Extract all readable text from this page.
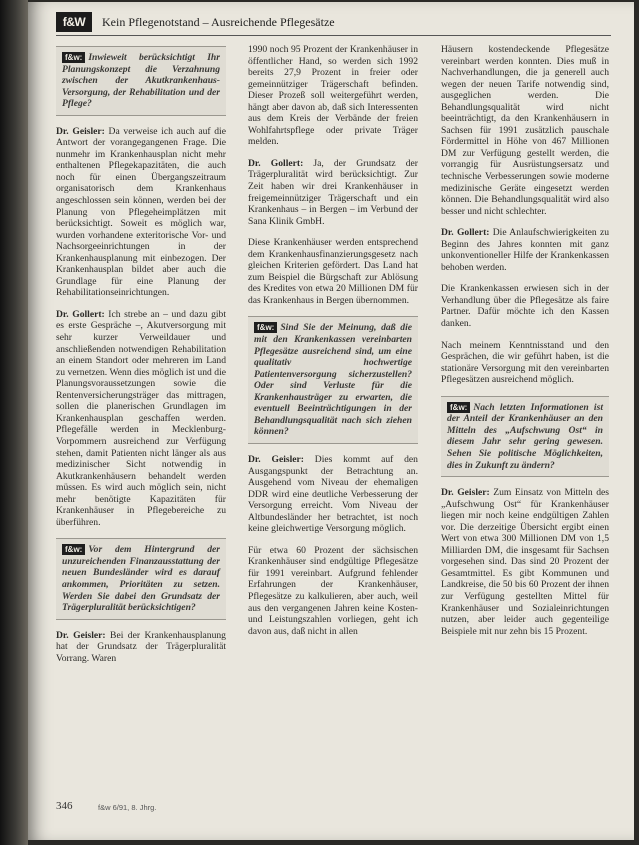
f&W	Kein Pflegenotstand – Ausreichende Pflegesätze
f&w: Inwieweit berücksichtigt Ihr Planungskonzept die Verzahnung zwischen der Akutkrankenhaus-Versorgung, der Rehabilitation und der Pflege?
Dr. Geisler: Da verweise ich auch auf die Antwort der vorangegangenen Frage. Die nunmehr im Krankenhausplan nicht mehr enthaltenen Pflegekapazitäten, die auch noch für einen Übergangszeitraum organisatorisch dem Krankenhaus angeschlossen sein können, werden bei der Planung von Pflegeheimplätzen mit berücksichtigt. Soweit es möglich war, wurden vorhandene exteritorische Vor- und Nachsorgeeinrichtungen in der Krankenhausplanung mit einbezogen. Der Krankenhausplan bildet aber auch die Grundlage für eine Planung der Rehabilitationseinrichtungen.
Dr. Gollert: Ich strebe an – und dazu gibt es erste Gespräche –, Akutversorgung mit sehr kurzer Verweildauer und anschließenden notwendigen Rehabilitation an einem Standort oder mehreren im Land zu vernetzen. Wenn dies möglich ist und die Planungsvoraussetzungen sowie die Rentenversicherungsträger das mittragen, sollen die planerischen Grundlagen im Krankenhausplan geschaffen werden. Pflegefälle werden in Mecklenburg-Vorpommern ausreichend zur Verfügung stehen, damit Patienten nicht länger als aus medizinischer Sicht notwendig in Akutkrankenhäusern behandelt werden müssen. Es wird auch möglich sein, nicht mehr benötigte Kapazitäten für Krankenhäuser in Pflegebereiche zu überführen.
f&w: Vor dem Hintergrund der unzureichenden Finanzausstattung der neuen Bundesländer wird es darauf ankommen, Prioritäten zu setzen. Werden Sie dabei den Grundsatz der Trägerpluralität berücksichtigen?
Dr. Geisler: Bei der Krankenhausplanung hat der Grundsatz der Trägerpluralität Vorrang. Waren
1990 noch 95 Prozent der Krankenhäuser in öffentlicher Hand, so werden sich 1992 bereits 27,9 Prozent in freier oder gemeinnütziger Trägerschaft befinden. Dieser Prozeß soll weitergeführt werden, hängt aber davon ab, daß sich Interessenten aus dem Kreis der Verbände der freien Wohlfahrtspflege oder private Träger melden.
Dr. Gollert: Ja, der Grundsatz der Trägerpluralität wird berücksichtigt. Zur Zeit haben wir drei Krankenhäuser in freigemeinnütziger Trägerschaft und ein Krankenhaus – in Bergen – im Verbund der Sana Klinik GmbH.
Diese Krankenhäuser werden entsprechend dem Krankenhausfinanzierungsgesetz nach gleichen Kriterien gefördert. Das Land hat zum Beispiel die Bürgschaft zur Ablösung des Kredites von etwa 20 Millionen DM für das Krankenhaus in Bergen übernommen.
f&w: Sind Sie der Meinung, daß die mit den Krankenkassen vereinbarten Pflegesätze ausreichend sind, um eine qualitativ hochwertige Patientenversorgung sicherzustellen? Oder sind Verluste für die Krankenhausträger zu erwarten, die eventuell Beeinträchtigungen in der Behandlungsqualität nach sich ziehen können?
Dr. Geisler: Dies kommt auf den Ausgangspunkt der Betrachtung an. Ausgehend vom Niveau der ehemaligen DDR wird eine deutliche Verbesserung der Versorgung erreicht. Vom Niveau der Altbundesländer her betrachtet, ist noch keine gleichwertige Versorgung möglich.
Für etwa 60 Prozent der sächsischen Krankenhäuser sind endgültige Pflegesätze für 1991 vereinbart. Aufgrund fehlender Erfahrungen der Krankenhäuser, Pflegesätze zu kalkulieren, aber auch, weil aus den vergangenen Jahren keine Kosten- und Leistungszahlen vorliegen, geht ich davon aus, daß nicht in allen
Häusern kostendeckende Pflegesätze vereinbart werden konnten. Dies muß in Nachverhandlungen, die ja generell auch wegen der neuen Tarife notwendig sind, ausgeglichen werden. Die Behandlungsqualität wird nicht beeinträchtigt, da den Krankenhäusern in Sachsen für 1991 zusätzlich pauschale Fördermittel in Höhe von 467 Millionen DM zur Verfügung gestellt werden, die vorrangig für Ausrüstungsersatz und technische Verbesserungen sowie moderne medizinische Geräte eingesetzt werden können. Die Behandlungsqualität wird also besser und nicht schlechter.
Dr. Gollert: Die Anlaufschwierigkeiten zu Beginn des Jahres konnten mit ganz unkonventioneller Hilfe der Krankenkassen behoben werden.
Die Krankenkassen erwiesen sich in der Verhandlung über die Pflegesätze als faire Partner. Dafür möchte ich den Kassen danken.
Nach meinem Kenntnisstand und den Gesprächen, die wir geführt haben, ist die stationäre Versorgung mit den vereinbarten Pflegesätzen ausreichend möglich.
f&w: Nach letzten Informationen ist der Anteil der Krankenhäuser an den Mitteln des „Aufschwung Ost“ in diesem Jahr sehr gering gewesen. Sehen Sie politische Möglichkeiten, dies in Zukunft zu ändern?
Dr. Geisler: Zum Einsatz von Mitteln des „Aufschwung Ost“ für Krankenhäuser liegen mir noch keine endgültigen Zahlen vor. Die derzeitige Übersicht ergibt einen Wert von etwa 300 Millionen DM von 1,5 Milliarden DM, die insgesamt für Sachsen vorgesehen sind. Das sind 20 Prozent der Gesamtmittel. Es gibt Kommunen und Landkreise, die 50 bis 60 Prozent der ihnen zur Verfügung gestellten Mittel für Krankenhäuser und Sozialeinrichtungen nutzen, aber leider auch gegenteilige Beispiele mit nur zehn bis 15 Prozent.
346	f&w 6/91, 8. Jhrg.
